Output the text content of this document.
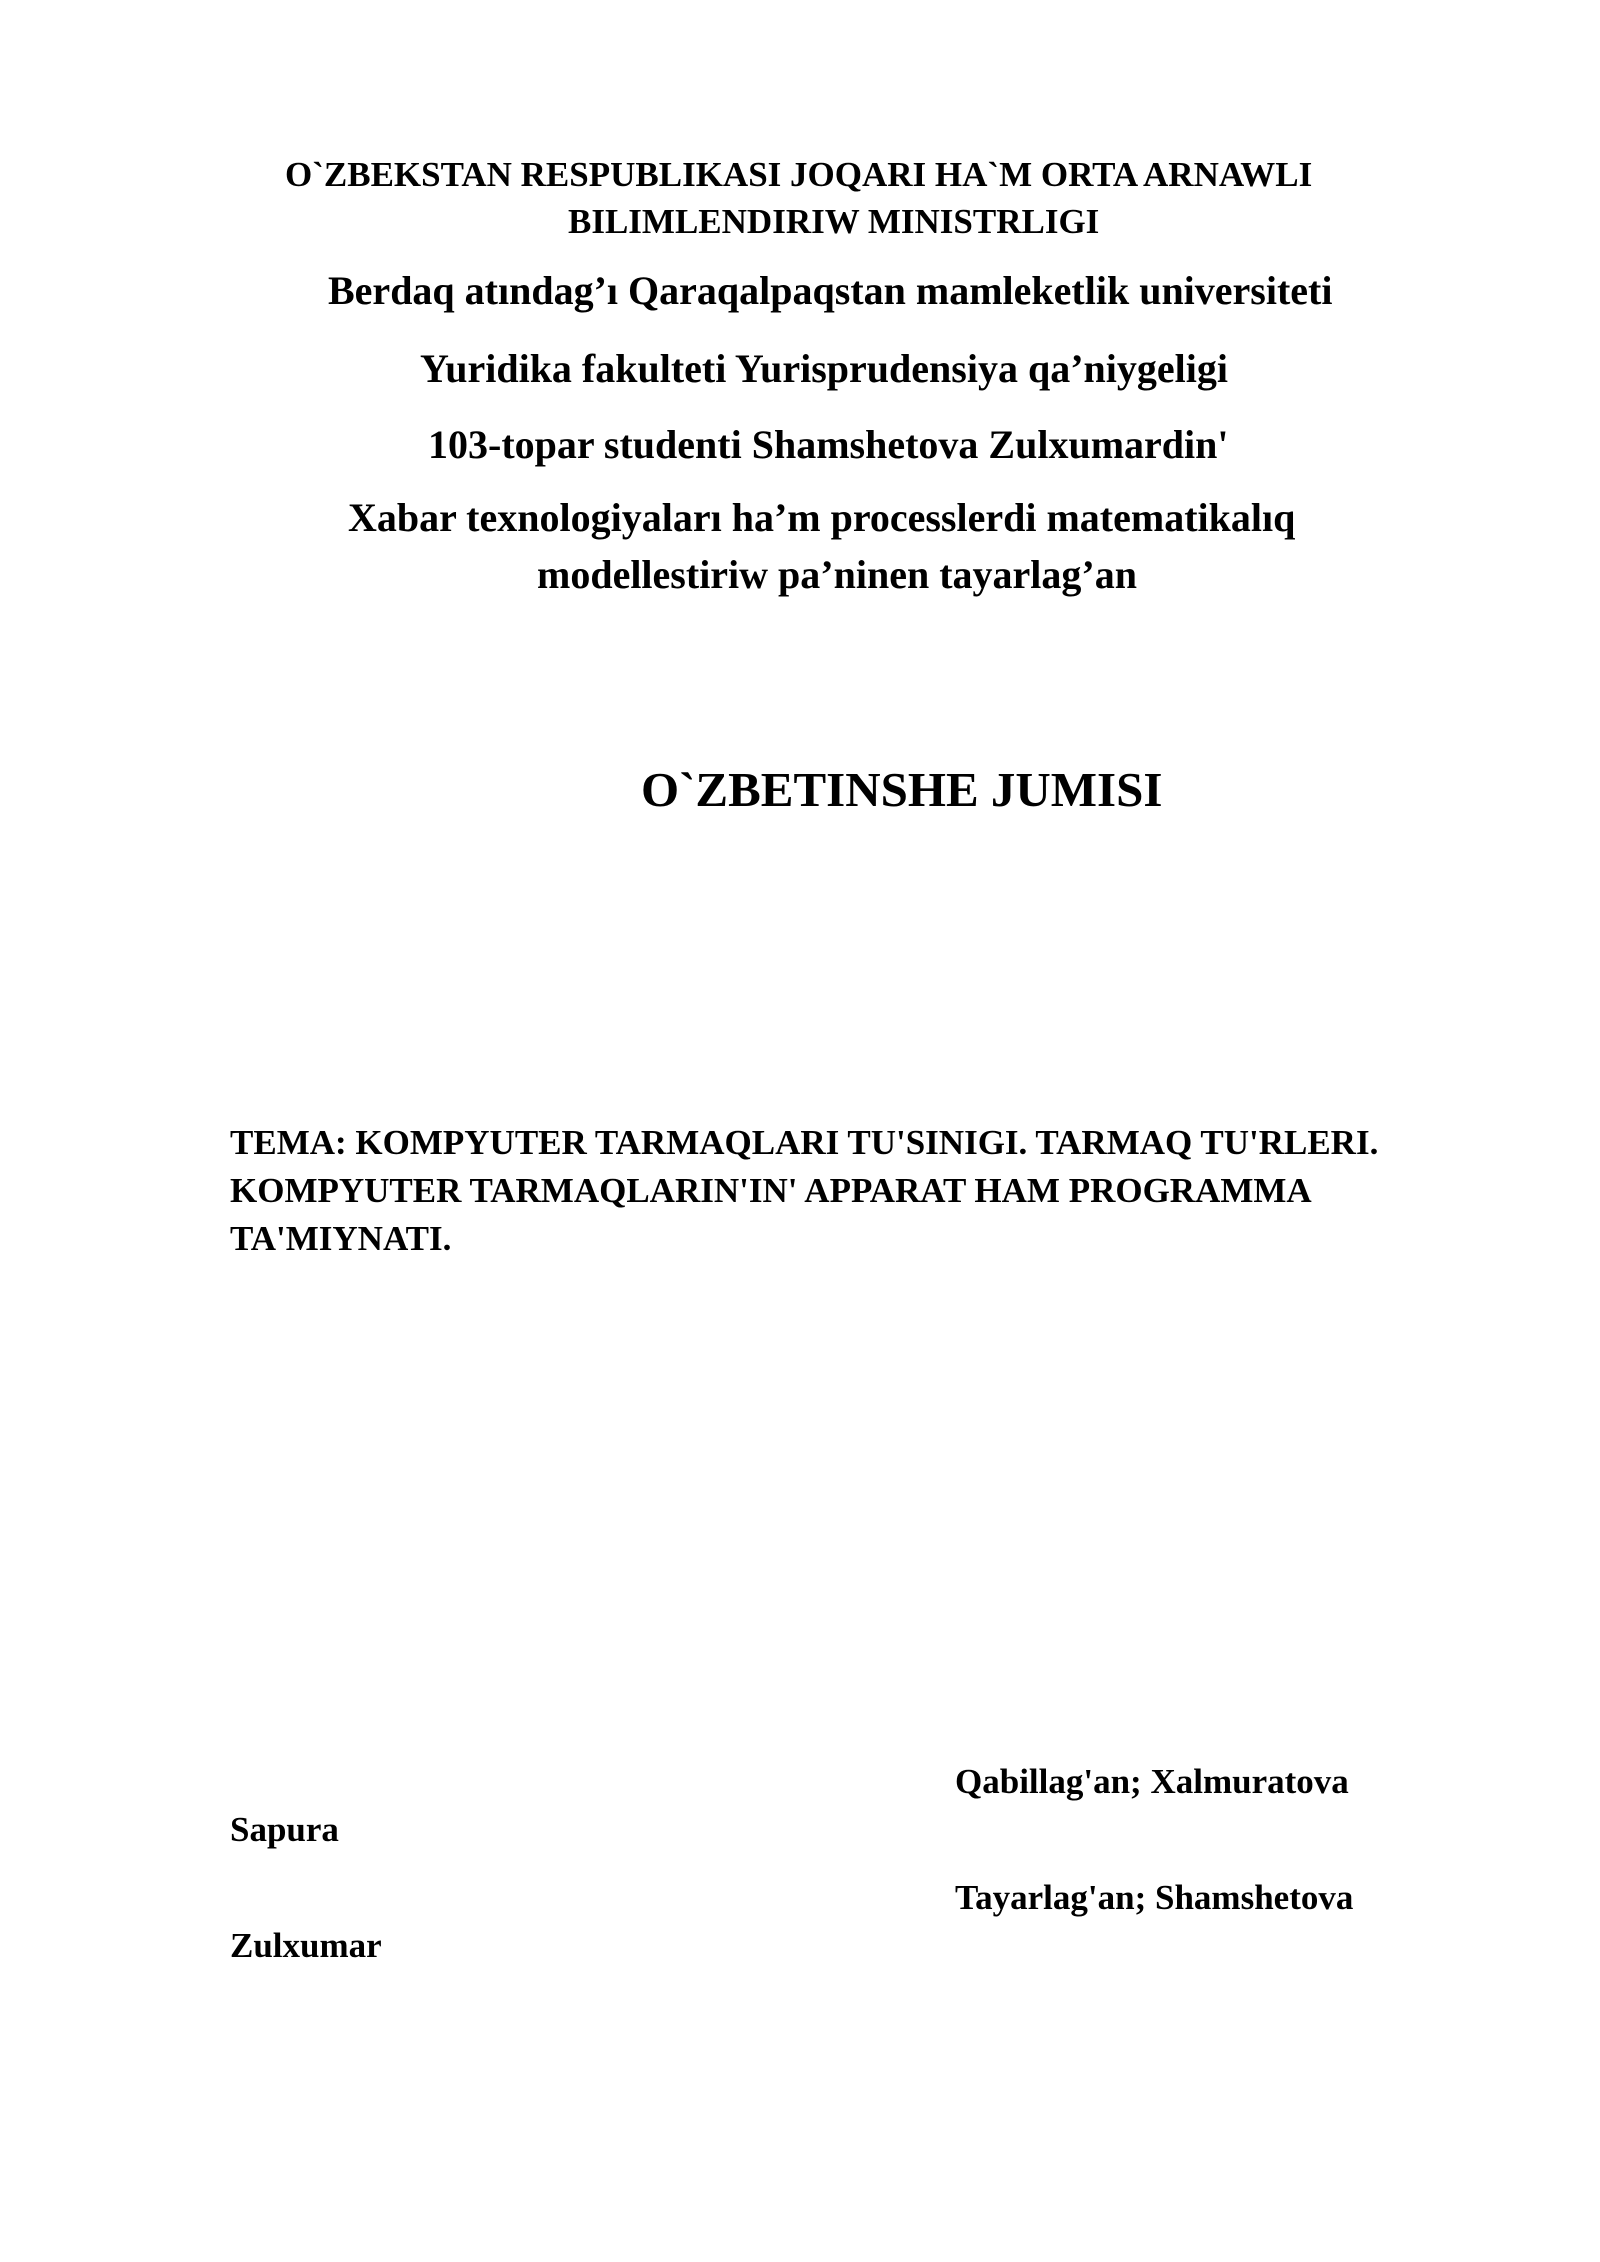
O`ZBEKSTAN RESPUBLIKASI JOQARI HA`M ORTA ARNAWLI
BILIMLENDIRIW MINISTRLIGI
Berdaq atındag’ı Qaraqalpaqstan mamleketlik universiteti
Yuridika fakulteti Yurisprudensiya qa’niygeligi
103-topar studenti Shamshetova Zulxumardin'
Xabar texnologiyaları ha’m processlerdi matematikalıq
modellestiriw pa’ninen tayarlag’an
O`ZBETINSHE JUMISI
TEMA: KOMPYUTER TARMAQLARI TU'SINIGI. TARMAQ TU'RLERI.
KOMPYUTER TARMAQLARIN'IN' APPARAT HAM PROGRAMMA
TA'MIYNATI.
Qabillag'an; Xalmuratova
Sapura
Tayarlag'an; Shamshetova
Zulxumar
